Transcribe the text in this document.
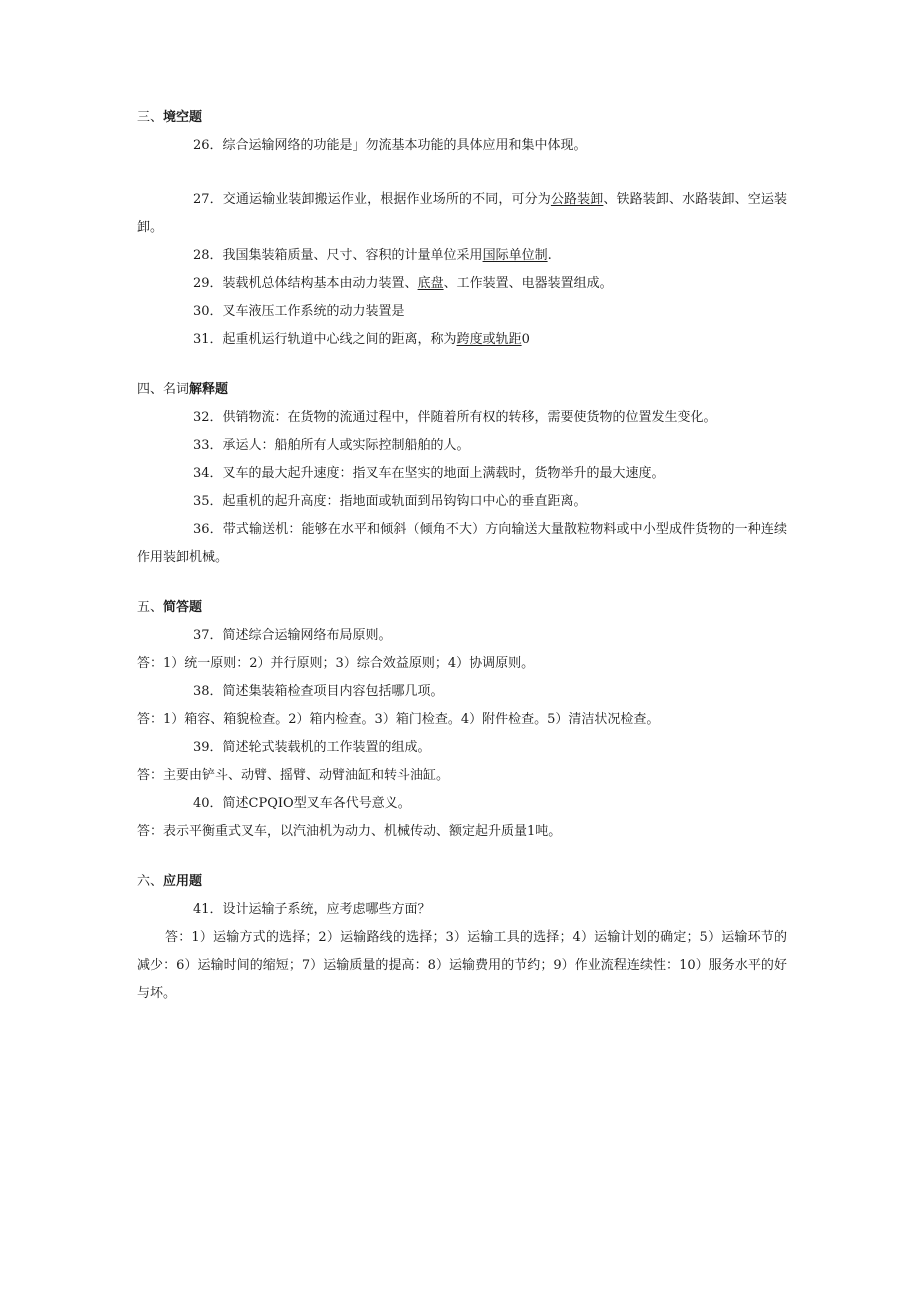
三、境空题

26．综合运输网络的功能是」勿流基本功能的具体应用和集中体现。

27．交通运输业装卸搬运作业，根据作业场所的不同，可分为公路装卸、铁路装卸、水路装卸、空运装卸。

28．我国集装箱质量、尺寸、容积的计量单位采用国际单位制.

29．装载机总体结构基本由动力装置、底盘、工作装置、电器装置组成。

30．叉车液压工作系统的动力装置是

31．起重机运行轨道中心线之间的距离，称为跨度或轨距0

四、名词解释题

32．供销物流：在货物的流通过程中，伴随着所有权的转移，需要使货物的位置发生变化。

33．承运人：船舶所有人或实际控制船舶的人。

34．叉车的最大起升速度：指叉车在坚实的地面上满载时，货物举升的最大速度。

35．起重机的起升高度：指地面或轨面到吊钩钩口中心的垂直距离。

36．带式输送机：能够在水平和倾斜（倾角不大）方向输送大量散粒物料或中小型成件货物的一种连续作用装卸机械。

五、简答题

37．简述综合运输网络布局原则。

答：1）统一原则：2）并行原则；3）综合效益原则；4）协调原则。

38．简述集装箱检查项目内容包括哪几项。

答：1）箱容、箱貌检查。2）箱内检查。3）箱门检查。4）附件检查。5）清洁状况检查。

39．简述轮式装载机的工作装置的组成。

答：主要由铲斗、动臂、摇臂、动臂油缸和转斗油缸。

40．简述CPQIO型叉车各代号意义。

答：表示平衡重式叉车，以汽油机为动力、机械传动、额定起升质量1吨。

六、应用题

41．设计运输子系统，应考虑哪些方面？

答：1）运输方式的选择；2）运输路线的选择；3）运输工具的选择；4）运输计划的确定；5）运输环节的减少：6）运输时间的缩短；7）运输质量的提高：8）运输费用的节约；9）作业流程连续性：10）服务水平的好与坏。
